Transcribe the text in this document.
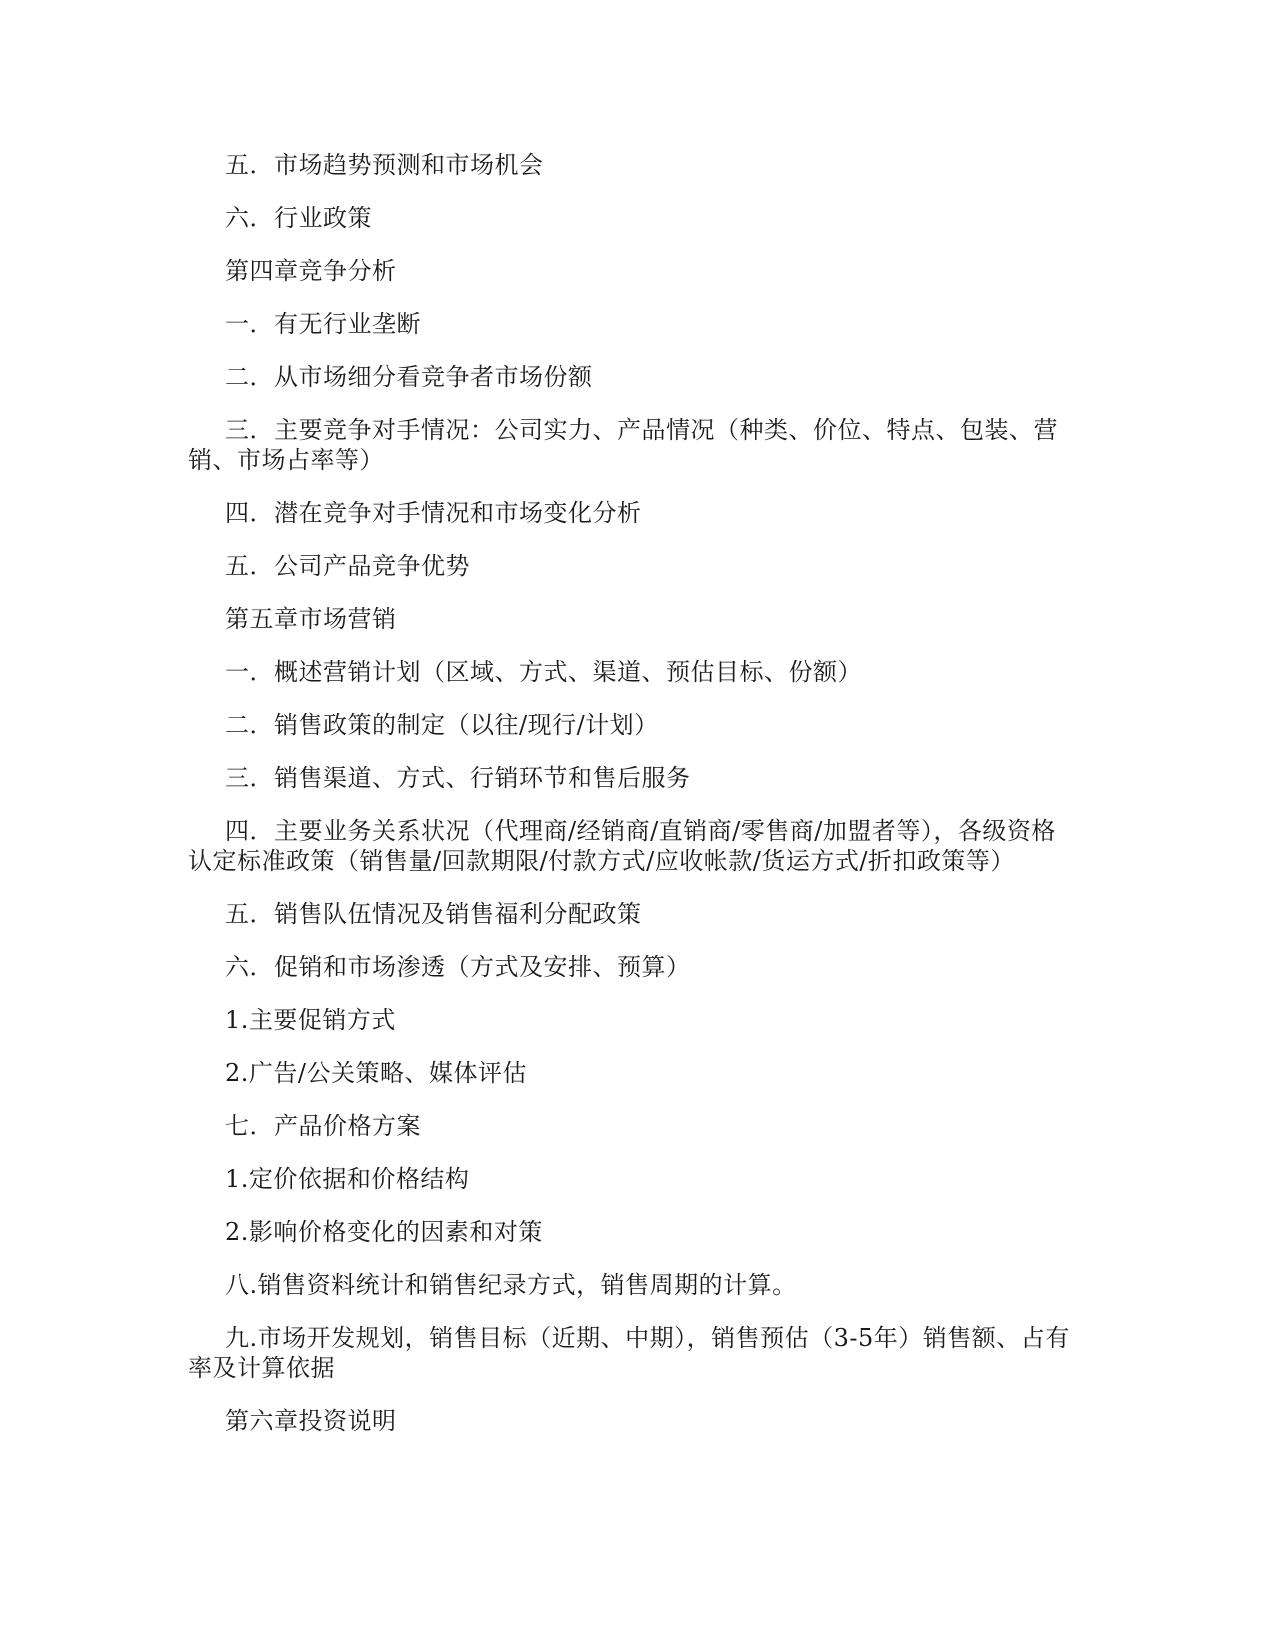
五．市场趋势预测和市场机会

六．行业政策

第四章竞争分析

一．有无行业垄断

二．从市场细分看竞争者市场份额

三．主要竞争对手情况：公司实力、产品情况（种类、价位、特点、包装、营销、市场占率等）

四．潜在竞争对手情况和市场变化分析

五．公司产品竞争优势

第五章市场营销

一．概述营销计划（区域、方式、渠道、预估目标、份额）

二．销售政策的制定（以往/现行/计划）

三．销售渠道、方式、行销环节和售后服务

四．主要业务关系状况（代理商/经销商/直销商/零售商/加盟者等），各级资格认定标准政策（销售量/回款期限/付款方式/应收帐款/货运方式/折扣政策等）

五．销售队伍情况及销售福利分配政策

六．促销和市场渗透（方式及安排、预算）

1.主要促销方式

2.广告/公关策略、媒体评估

七．产品价格方案

1.定价依据和价格结构

2.影响价格变化的因素和对策

八.销售资料统计和销售纪录方式，销售周期的计算。

九.市场开发规划，销售目标（近期、中期），销售预估（3-5年）销售额、占有率及计算依据

第六章投资说明
